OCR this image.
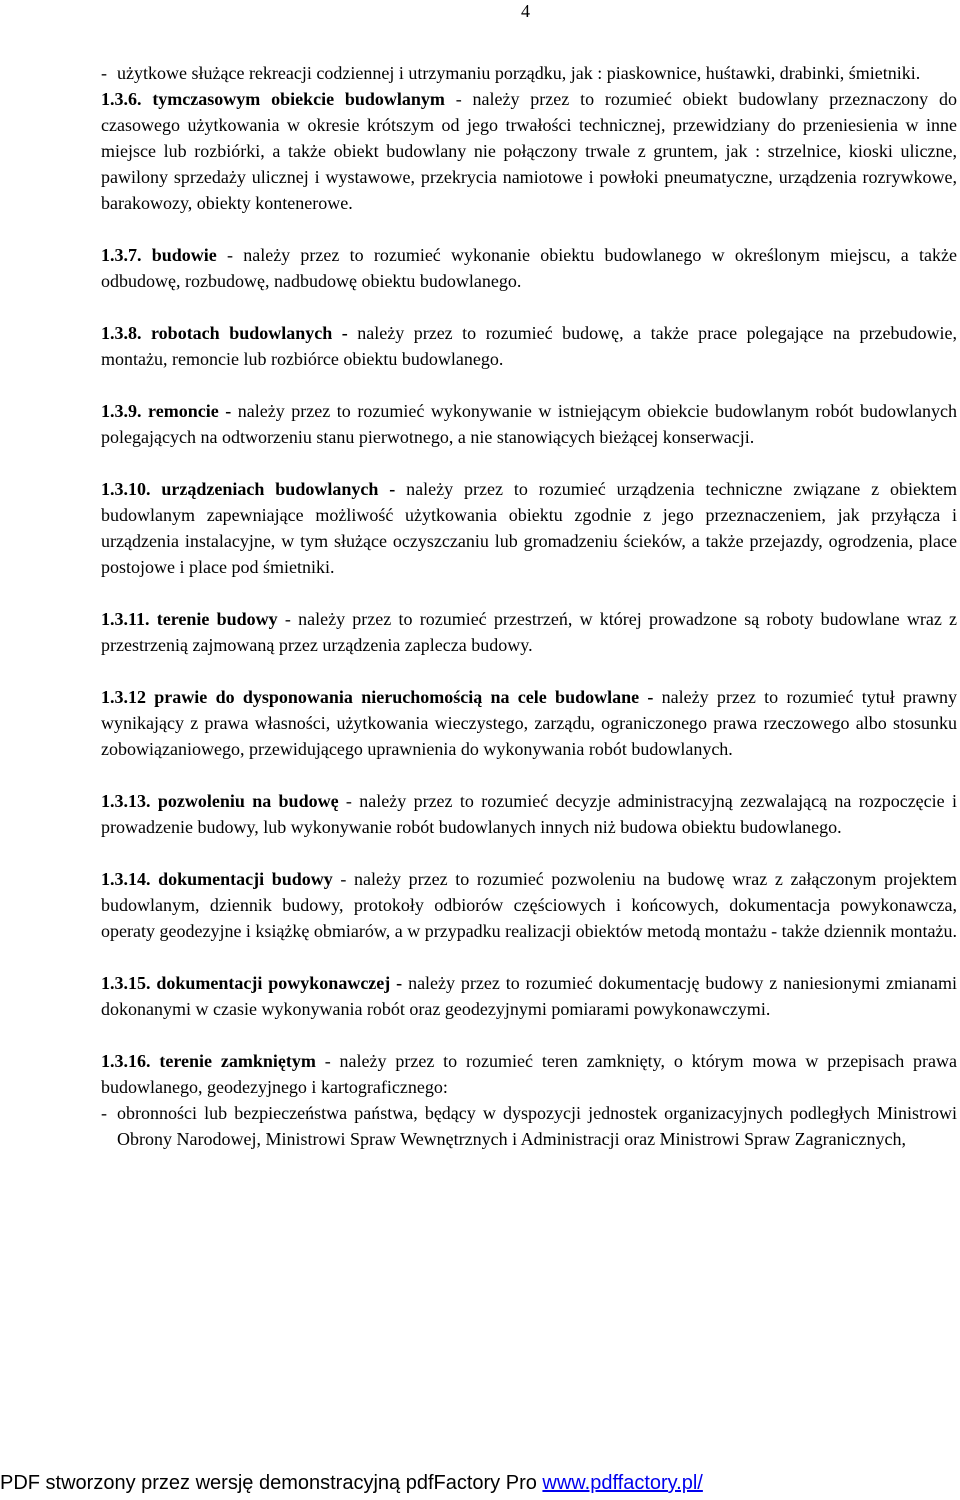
4
- użytkowe służące rekreacji codziennej i utrzymaniu porządku, jak : piaskownice, huśtawki, drabinki, śmietniki.

1.3.6. tymczasowym obiekcie budowlanym - należy przez to rozumieć obiekt budowlany przeznaczony do czasowego użytkowania w okresie krótszym od jego trwałości technicznej, przewidziany do przeniesienia w inne miejsce lub rozbiórki, a także obiekt budowlany nie połączony trwale z gruntem, jak : strzelnice, kioski uliczne, pawilony sprzedaży ulicznej i wystawowe, przekrycia namiotowe i powłoki pneumatyczne, urządzenia rozrywkowe, barakowozy, obiekty kontenerowe.

1.3.7. budowie - należy przez to rozumieć wykonanie obiektu budowlanego w określonym miejscu, a także odbudowę, rozbudowę, nadbudowę obiektu budowlanego.

1.3.8. robotach budowlanych - należy przez to rozumieć budowę, a także prace polegające na przebudowie, montażu, remoncie lub rozbiórce obiektu budowlanego.

1.3.9. remoncie - należy przez to rozumieć wykonywanie w istniejącym obiekcie budowlanym robót budowlanych polegających na odtworzeniu stanu pierwotnego, a nie stanowiących bieżącej konserwacji.

1.3.10. urządzeniach budowlanych - należy przez to rozumieć urządzenia techniczne związane z obiektem budowlanym zapewniające możliwość użytkowania obiektu zgodnie z jego przeznaczeniem, jak przyłącza i urządzenia instalacyjne, w tym służące oczyszczaniu lub gromadzeniu ścieków, a także przejazdy, ogrodzenia, place postojowe i place pod śmietniki.

1.3.11. terenie budowy - należy przez to rozumieć przestrzeń, w której prowadzone są roboty budowlane wraz z przestrzenią zajmowaną przez urządzenia zaplecza budowy.

1.3.12 prawie do dysponowania nieruchomością na cele budowlane - należy przez to rozumieć tytuł prawny wynikający z prawa własności, użytkowania wieczystego, zarządu, ograniczonego prawa rzeczowego albo stosunku zobowiązaniowego, przewidującego uprawnienia do wykonywania robót budowlanych.

1.3.13. pozwoleniu na budowę - należy przez to rozumieć decyzje administracyjną zezwalającą na rozpoczęcie i prowadzenie budowy, lub wykonywanie robót budowlanych innych niż budowa obiektu budowlanego.

1.3.14. dokumentacji budowy - należy przez to rozumieć pozwoleniu na budowę wraz z załączonym projektem budowlanym, dziennik budowy, protokoły odbiorów częściowych i końcowych, dokumentacja powykonawcza, operaty geodezyjne i książkę obmiarów, a w przypadku realizacji obiektów metodą montażu - także dziennik montażu.

1.3.15. dokumentacji powykonawczej - należy przez to rozumieć dokumentację budowy z naniesionymi zmianami dokonanymi w czasie wykonywania robót oraz geodezyjnymi pomiarami powykonawczymi.

1.3.16. terenie zamkniętym - należy przez to rozumieć teren zamknięty, o którym mowa w przepisach prawa budowlanego, geodezyjnego i kartograficznego:

- obronności lub bezpieczeństwa państwa, będący w dyspozycji jednostek organizacyjnych podległych Ministrowi Obrony Narodowej, Ministrowi Spraw Wewnętrznych i Administracji oraz Ministrowi Spraw Zagranicznych,
PDF stworzony przez wersję demonstracyjną pdfFactory Pro www.pdffactory.pl/
